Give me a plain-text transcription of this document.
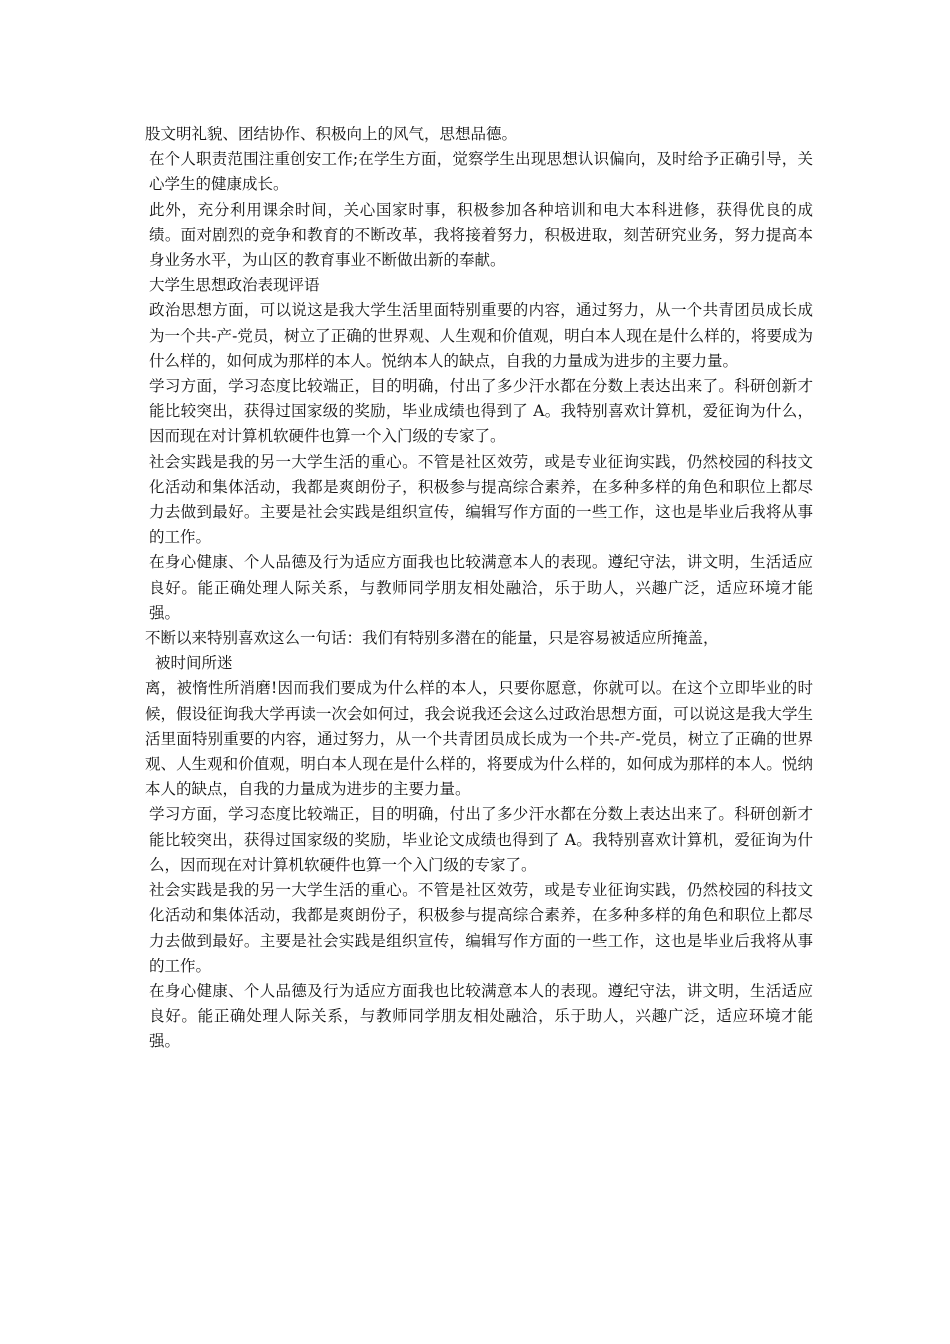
股文明礼貌、团结协作、积极向上的风气，思想品德。

在个人职责范围注重创安工作;在学生方面，觉察学生出现思想认识偏向，及时给予正确引导，关心学生的健康成长。

此外，充分利用课余时间，关心国家时事，积极参加各种培训和电大本科进修，获得优良的成绩。面对剧烈的竞争和教育的不断改革，我将接着努力，积极进取，刻苦研究业务，努力提高本身业务水平，为山区的教育事业不断做出新的奉献。

大学生思想政治表现评语

政治思想方面，可以说这是我大学生活里面特别重要的内容，通过努力，从一个共青团员成长成为一个共-产-党员，树立了正确的世界观、人生观和价值观，明白本人现在是什么样的，将要成为什么样的，如何成为那样的本人。悦纳本人的缺点，自我的力量成为进步的主要力量。

学习方面，学习态度比较端正，目的明确，付出了多少汗水都在分数上表达出来了。科研创新才能比较突出，获得过国家级的奖励，毕业成绩也得到了 A。我特别喜欢计算机，爱征询为什么，因而现在对计算机软硬件也算一个入门级的专家了。

社会实践是我的另一大学生活的重心。不管是社区效劳，或是专业征询实践，仍然校园的科技文化活动和集体活动，我都是爽朗份子，积极参与提高综合素养，在多种多样的角色和职位上都尽力去做到最好。主要是社会实践是组织宣传，编辑写作方面的一些工作，这也是毕业后我将从事的工作。

在身心健康、个人品德及行为适应方面我也比较满意本人的表现。遵纪守法，讲文明，生活适应良好。能正确处理人际关系，与教师同学朋友相处融洽，乐于助人，兴趣广泛，适应环境才能强。

不断以来特别喜欢这么一句话：我们有特别多潜在的能量，只是容易被适应所掩盖，

被时间所迷

离，被惰性所消磨!因而我们要成为什么样的本人，只要你愿意，你就可以。在这个立即毕业的时候，假设征询我大学再读一次会如何过，我会说我还会这么过政治思想方面，可以说这是我大学生活里面特别重要的内容，通过努力，从一个共青团员成长成为一个共-产-党员，树立了正确的世界观、人生观和价值观，明白本人现在是什么样的，将要成为什么样的，如何成为那样的本人。悦纳本人的缺点，自我的力量成为进步的主要力量。

学习方面，学习态度比较端正，目的明确，付出了多少汗水都在分数上表达出来了。科研创新才能比较突出，获得过国家级的奖励，毕业论文成绩也得到了 A。我特别喜欢计算机，爱征询为什么，因而现在对计算机软硬件也算一个入门级的专家了。

社会实践是我的另一大学生活的重心。不管是社区效劳，或是专业征询实践，仍然校园的科技文化活动和集体活动，我都是爽朗份子，积极参与提高综合素养，在多种多样的角色和职位上都尽力去做到最好。主要是社会实践是组织宣传，编辑写作方面的一些工作，这也是毕业后我将从事的工作。

在身心健康、个人品德及行为适应方面我也比较满意本人的表现。遵纪守法，讲文明，生活适应良好。能正确处理人际关系，与教师同学朋友相处融洽，乐于助人，兴趣广泛，适应环境才能强。
